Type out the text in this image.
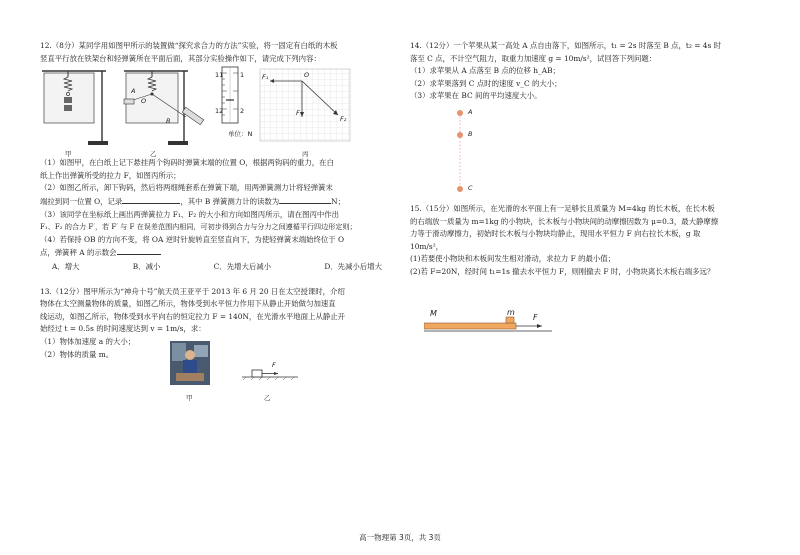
12.（8分）某同学用如图甲所示的装置做“探究求合力的方法”实验，将一固定有白纸的木板

竖直平行放在铁架台和轻弹簧所在平面后面，其部分实验操作如下，请完成下列内容：

甲
A
O
B
乙
11	1
12	2
单位：N
F₁	O
F
F₂
丙

（1）如图甲，在白纸上记下悬挂两个钩码时弹簧末端的位置 O，根据两钩码的重力，在白

纸上作出弹簧所受的拉力 F，如图丙所示；

（2）如图乙所示，卸下钩码，然后将两细绳套系在弹簧下端，用两弹簧测力计将轻弹簧末

端拉到同一位置 O，记录	，其中 B 弹簧测力计的读数为	N；

（3）该同学在坐标纸上画出两弹簧拉力 F₁、F₂ 的大小和方向如图丙所示，请在图丙中作出

F₁、F₂ 的合力 F′，若 F′ 与 F 在误差范围内相同，可初步得到合力与分力之间遵循平行四边形定则；

（4）若保持 OB 的方向不变，将 OA 逆时针旋转直至竖直向下，为使轻弹簧末端始终位于 O

点，弹簧秤 A 的示数会

A．增大	B．减小	C．先增大后减小	D．先减小后增大

13.（12分）图甲所示为“神舟十号”航天员王亚平于 2013 年 6 月 20 日在太空授课时，介绍

物体在太空测量物体的质量，如图乙所示，物体受到水平恒力作用下从静止开始做匀加速直

线运动，如图乙所示，物体受到水平向右的恒定拉力 F = 140N，在光滑水平地面上从静止开

始经过 t = 0.5s 的时间速度达到 v = 1m/s，求：

（1）物体加速度 a 的大小；

（2）物体的质量 m。

甲
F
乙

14.（12分）一个苹果从某一高处 A 点自由落下，如图所示，t₁ = 2s 时落至 B 点，t₂ = 4s 时

落至 C 点，不计空气阻力，取重力加速度 g = 10m/s²，试回答下列问题：

（1）求苹果从 A 点落至 B 点的位移 h_AB；

（2）求苹果落到 C 点时的速度 v_C 的大小；

（3）求苹果在 BC 间的平均速度大小。

A
B
C

15.（15分）如图所示，在光滑的水平面上有一足够长且质量为 M=4kg 的长木板，在长木板

的右端放一质量为 m=1kg 的小物块，长木板与小物块间的动摩擦因数为 μ=0.3，最大静摩擦

力等于滑动摩擦力，初始时长木板与小物块均静止，现用水平恒力 F 向右拉长木板，g 取

10m/s²，

(1)若要使小物块和木板间发生相对滑动，求拉力 F 的最小值；

(2)若 F=20N，经时间 t₁=1s 撤去水平恒力 F，则刚撤去 F 时，小物块离长木板右端多远？

M	m
F
高一物理第 3页，共 3页
